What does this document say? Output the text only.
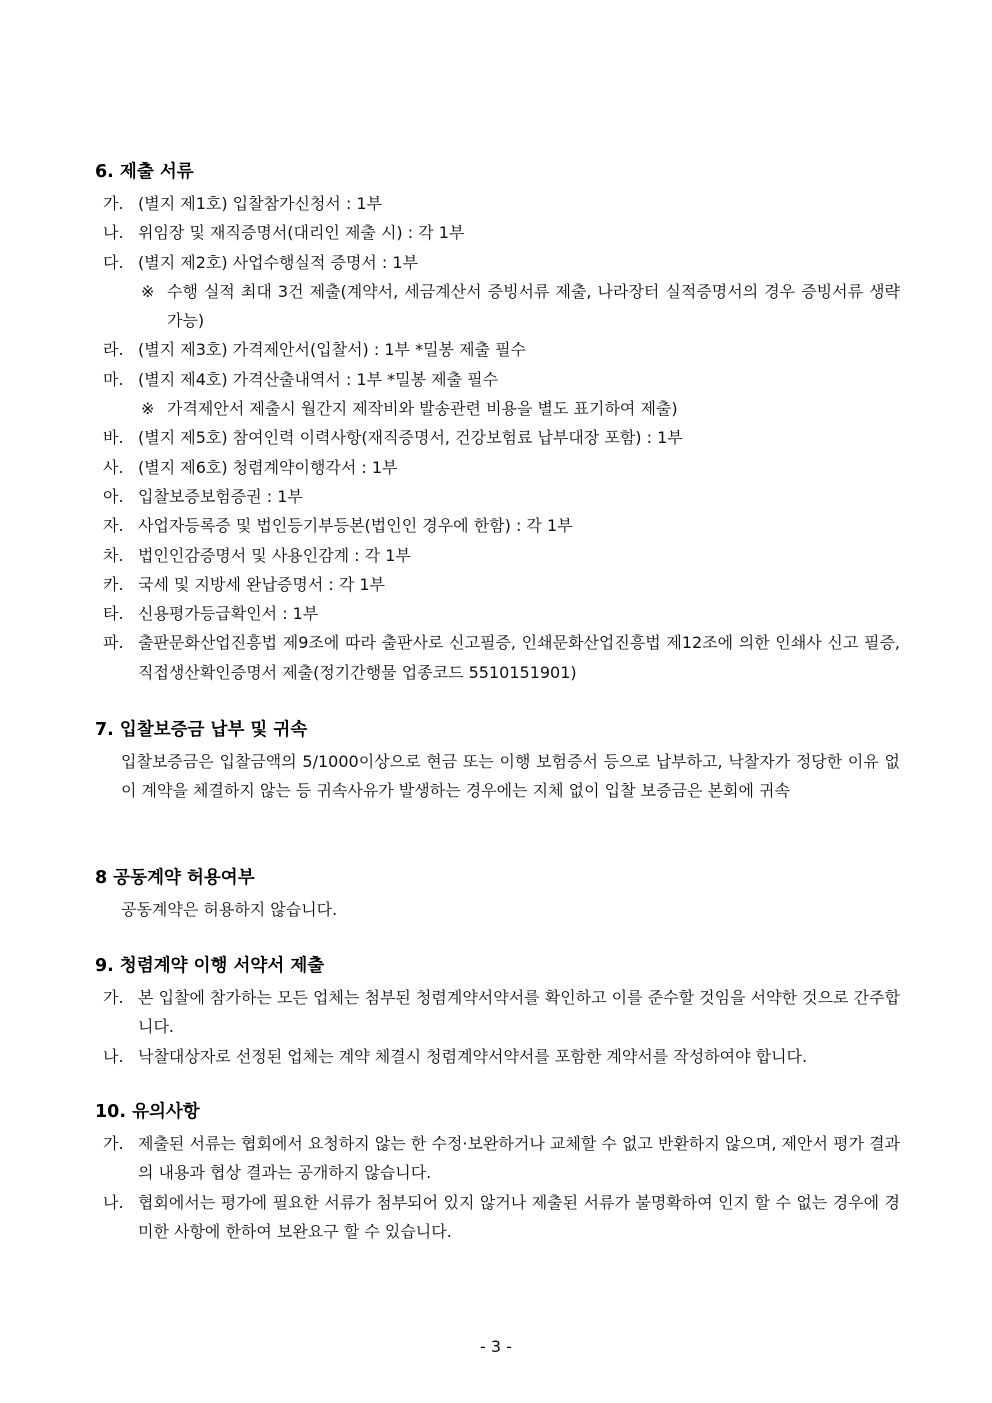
6. 제출 서류
가. (별지 제1호) 입찰참가신청서 : 1부
나. 위임장 및 재직증명서(대리인 제출 시) : 각 1부
다. (별지 제2호) 사업수행실적 증명서 : 1부
※ 수행 실적 최대 3건 제출(계약서, 세금계산서 증빙서류 제출, 나라장터 실적증명서의 경우 증빙서류 생략 가능)
라. (별지 제3호) 가격제안서(입찰서) : 1부 *밀봉 제출 필수
마. (별지 제4호) 가격산출내역서 : 1부 *밀봉 제출 필수
※ 가격제안서 제출시 월간지 제작비와 발송관련 비용을 별도 표기하여 제출)
바. (별지 제5호) 참여인력 이력사항(재직증명서, 건강보험료 납부대장 포함) : 1부
사. (별지 제6호) 청렴계약이행각서 : 1부
아. 입찰보증보험증권 : 1부
자. 사업자등록증 및 법인등기부등본(법인인 경우에 한함) : 각 1부
차. 법인인감증명서 및 사용인감계 : 각 1부
카. 국세 및 지방세 완납증명서 : 각 1부
타. 신용평가등급확인서 : 1부
파. 출판문화산업진흥법 제9조에 따라 출판사로 신고필증, 인쇄문화산업진흥법 제12조에 의한 인쇄사 신고 필증, 직접생산확인증명서 제출(정기간행물 업종코드 5510151901)
7. 입찰보증금 납부 및 귀속
입찰보증금은 입찰금액의 5/1000이상으로 현금 또는 이행 보험증서 등으로 납부하고, 낙찰자가 정당한 이유 없이 계약을 체결하지 않는 등 귀속사유가 발생하는 경우에는 지체 없이 입찰 보증금은 본회에 귀속
8 공동계약 허용여부
공동계약은 허용하지 않습니다.
9. 청렴계약 이행 서약서 제출
가. 본 입찰에 참가하는 모든 업체는 첨부된 청렴계약서약서를 확인하고 이를 준수할 것임을 서약한 것으로 간주합니다.
나. 낙찰대상자로 선정된 업체는 계약 체결시 청렴계약서약서를 포함한 계약서를 작성하여야 합니다.
10. 유의사항
가. 제출된 서류는 협회에서 요청하지 않는 한 수정·보완하거나 교체할 수 없고 반환하지 않으며, 제안서 평가 결과의 내용과 협상 결과는 공개하지 않습니다.
나. 협회에서는 평가에 필요한 서류가 첨부되어 있지 않거나 제출된 서류가 불명확하여 인지 할 수 없는 경우에 경미한 사항에 한하여 보완요구 할 수 있습니다.
- 3 -
